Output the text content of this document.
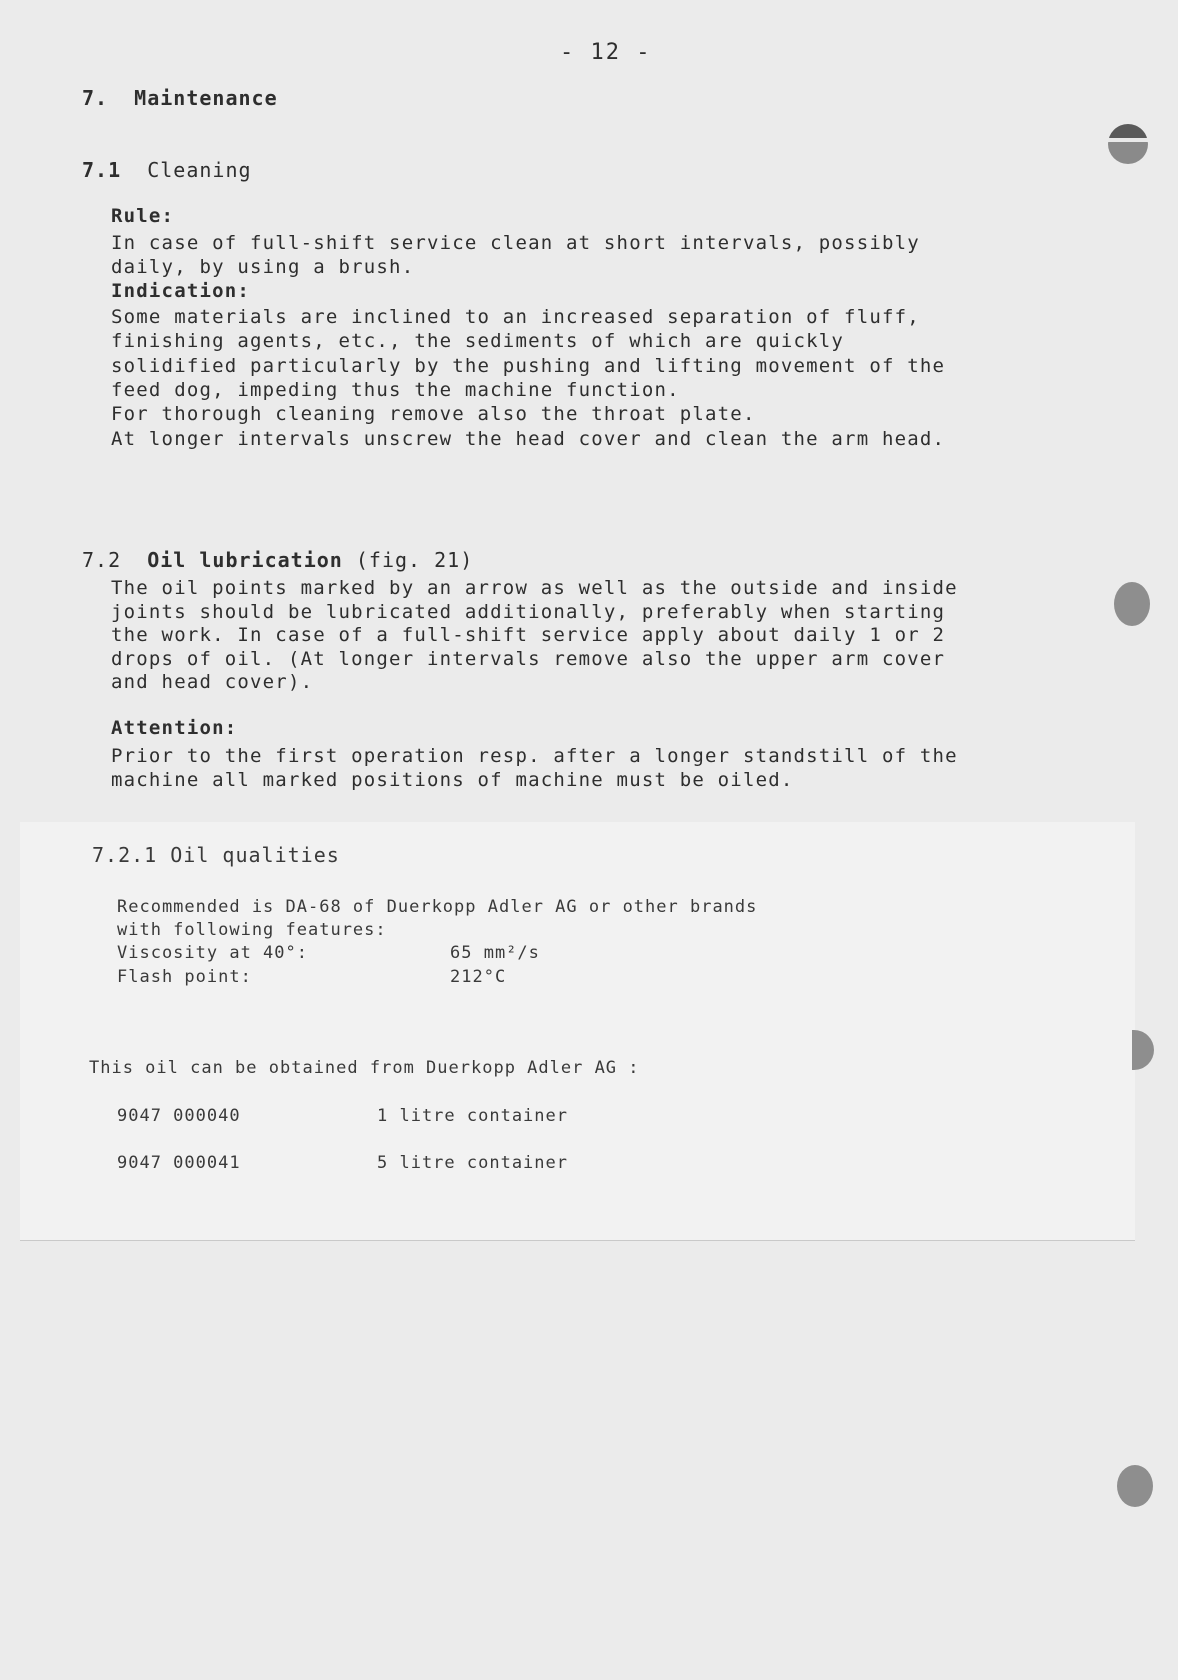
- 12 -
7.  Maintenance
7.1 Cleaning
Rule:
In case of full-shift service clean at short intervals, possibly
daily, by using a brush.
Indication:
Some materials are inclined to an increased separation of fluff,
finishing agents, etc., the sediments of which are quickly
solidified particularly by the pushing and lifting movement of the
feed dog, impeding thus the machine function.
For thorough cleaning remove also the throat plate.
At longer intervals unscrew the head cover and clean the arm head.
7.2 Oil lubrication (fig. 21)
The oil points marked by an arrow as well as the outside and inside
joints should be lubricated additionally, preferably when starting
the work. In case of a full-shift service apply about daily 1 or 2
drops of oil. (At longer intervals remove also the upper arm cover
and head cover).
Attention:
Prior to the first operation resp. after a longer standstill of the
machine all marked positions of machine must be oiled.
7.2.1 Oil qualities
Recommended is DA-68 of Duerkopp Adler AG or other brands
with following features:
Viscosity at 40°:	65 mm²/s
Flash point:	212°C
This oil can be obtained from Duerkopp Adler AG :
9047 000040	1 litre container
9047 000041	5 litre container
